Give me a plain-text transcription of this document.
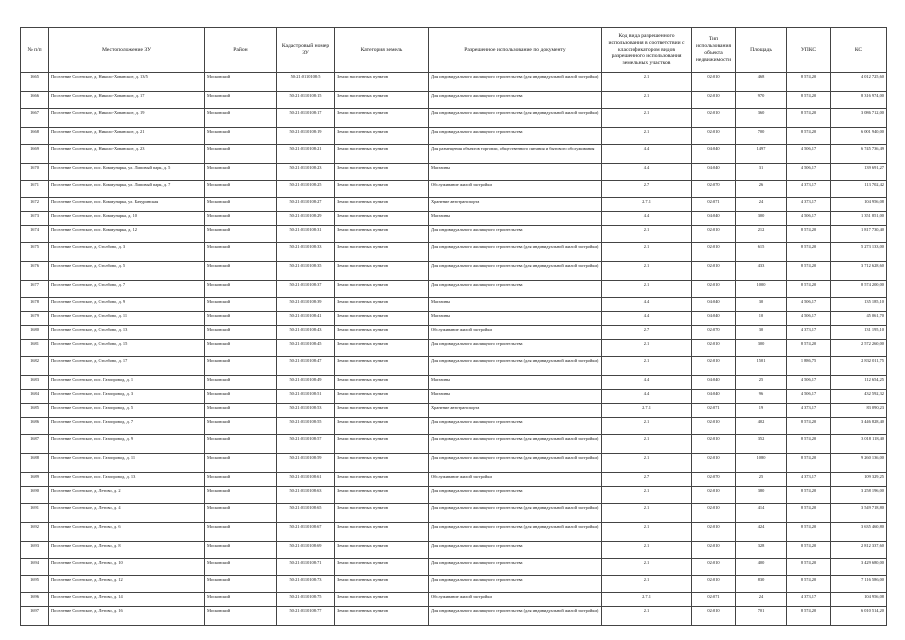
№ п/п	Местоположение ЗУ	Район	Кадастровый номер ЗУ	Категория земель	Разрешенное использование по документу	Код вида разрешенного использования в соответствии с классификатором видов разрешенного использования земельных участков	Тип использования объекта недвижимости	Площадь	УПКС	КС
1665	Поселение Сосенское, д. Николо-Хованское, д. 13/5	Московский	50:21:0110108:5	Земли населенных пунктов	Для индивидуального жилищного строительства (для индивидуальной жилой застройки)	2.1	02:010	468	8 574,20	4 012 725,60
1666	Поселение Сосенское, д. Николо-Хованское, д. 17	Московский	50:21:0110108:15	Земли населенных пунктов	Для индивидуального жилищного строительства	2.1	02:010	970	8 574,20	8 316 974,00
1667	Поселение Сосенское, д. Николо-Хованское, д. 19	Московский	50:21:0110108:17	Земли населенных пунктов	Для индивидуального жилищного строительства (для индивидуальной жилой застройки)	2.1	02:010	360	8 574,20	3 086 712,00
1668	Поселение Сосенское, д. Николо-Хованское, д. 21	Московский	50:21:0110108:19	Земли населенных пунктов	Для индивидуального жилищного строительства	2.1	02:010	700	8 574,20	6 001 940,00
1669	Поселение Сосенское, д. Николо-Хованское, д. 23	Московский	50:21:0110108:21	Земли населенных пунктов	Для размещения объектов торговли, общественного питания и бытового обслуживания	4.4	04:040	1497	4 506,17	6 745 736,49
1670	Поселение Сосенское, пос. Коммунарка, ул. Липовый парк, д. 5	Московский	50:21:0110108:23	Земли населенных пунктов	Магазины	4.4	04:040	31	4 506,17	139 691,27
1671	Поселение Сосенское, пос. Коммунарка, ул. Липовый парк, д. 7	Московский	50:21:0110108:25	Земли населенных пунктов	Обслуживание жилой застройки	2.7	02:070	26	4 373,17	113 702,42
1672	Поселение Сосенское, пос. Коммунарка, ул. Бачуринская	Московский	50:21:0110108:27	Земли населенных пунктов	Хранение автотранспорта	2.7.1	02:071	24	4 373,17	104 956,08
1673	Поселение Сосенское, пос. Коммунарка, д. 10	Московский	50:21:0110108:29	Земли населенных пунктов	Магазины	4.4	04:040	300	4 506,17	1 351 851,00
1674	Поселение Сосенское, пос. Коммунарка, д. 12	Московский	50:21:0110108:31	Земли населенных пунктов	Для индивидуального жилищного строительства	2.1	02:010	212	8 574,20	1 817 730,40
1675	Поселение Сосенское, д. Столбово, д. 3	Московский	50:21:0110108:33	Земли населенных пунктов	Для индивидуального жилищного строительства (для индивидуальной жилой застройки)	2.1	02:010	615	8 574,20	5 273 133,00
1676	Поселение Сосенское, д. Столбово, д. 5	Московский	50:21:0110108:35	Земли населенных пунктов	Для индивидуального жилищного строительства (для индивидуальной жилой застройки)	2.1	02:010	433	8 574,20	3 712 628,60
1677	Поселение Сосенское, д. Столбово, д. 7	Московский	50:21:0110108:37	Земли населенных пунктов	Для индивидуального жилищного строительства	2.1	02:010	1000	8 574,20	8 574 200,00
1678	Поселение Сосенское, д. Столбово, д. 9	Московский	50:21:0110108:39	Земли населенных пунктов	Магазины	4.4	04:040	30	4 506,17	135 185,10
1679	Поселение Сосенское, д. Столбово, д. 11	Московский	50:21:0110108:41	Земли населенных пунктов	Магазины	4.4	04:040	10	4 506,17	45 061,70
1680	Поселение Сосенское, д. Столбово, д. 13	Московский	50:21:0110108:43	Земли населенных пунктов	Обслуживание жилой застройки	2.7	02:070	30	4 373,17	131 195,10
1681	Поселение Сосенское, д. Столбово, д. 15	Московский	50:21:0110108:45	Земли населенных пунктов	Для индивидуального жилищного строительства	2.1	02:010	300	8 574,20	2 572 260,00
1682	Поселение Сосенское, д. Столбово, д. 17	Московский	50:21:0110108:47	Земли населенных пунктов	Для индивидуального жилищного строительства (для индивидуальной жилой застройки)	2.1	02:010	1501	1 886,75	2 832 011,75
1683	Поселение Сосенское, пос. Газопровод, д. 1	Московский	50:21:0110108:49	Земли населенных пунктов	Магазины	4.4	04:040	25	4 506,17	112 654,25
1684	Поселение Сосенское, пос. Газопровод, д. 3	Московский	50:21:0110108:51	Земли населенных пунктов	Магазины	4.4	04:040	96	4 506,17	432 592,32
1685	Поселение Сосенское, пос. Газопровод, д. 5	Московский	50:21:0110108:53	Земли населенных пунктов	Хранение автотранспорта	2.7.1	02:071	19	4 373,17	83 090,23
1686	Поселение Сосенское, пос. Газопровод, д. 7	Московский	50:21:0110108:55	Земли населенных пунктов	Для индивидуального жилищного строительства	2.1	02:010	402	8 574,20	3 446 828,40
1687	Поселение Сосенское, пос. Газопровод, д. 9	Московский	50:21:0110108:57	Земли населенных пунктов	Для индивидуального жилищного строительства (для индивидуальной жилой застройки)	2.1	02:010	352	8 574,20	3 018 118,40
1688	Поселение Сосенское, пос. Газопровод, д. 11	Московский	50:21:0110108:59	Земли населенных пунктов	Для индивидуального жилищного строительства (для индивидуальной жилой застройки)	2.1	02:010	1080	8 574,20	9 260 136,00
1689	Поселение Сосенское, пос. Газопровод, д. 13	Московский	50:21:0110108:61	Земли населенных пунктов	Обслуживание жилой застройки	2.7	02:070	25	4 373,17	109 329,25
1690	Поселение Сосенское, д. Летово, д. 2	Московский	50:21:0110108:63	Земли населенных пунктов	Для индивидуального жилищного строительства	2.1	02:010	380	8 574,20	3 258 196,00
1691	Поселение Сосенское, д. Летово, д. 4	Московский	50:21:0110108:65	Земли населенных пунктов	Для индивидуального жилищного строительства (для индивидуальной жилой застройки)	2.1	02:010	414	8 574,20	3 549 718,80
1692	Поселение Сосенское, д. Летово, д. 6	Московский	50:21:0110108:67	Земли населенных пунктов	Для индивидуального жилищного строительства (для индивидуальной жилой застройки)	2.1	02:010	424	8 574,20	3 635 460,80
1693	Поселение Сосенское, д. Летово, д. 8	Московский	50:21:0110108:69	Земли населенных пунктов	Для индивидуального жилищного строительства	2.1	02:010	328	8 574,20	2 812 337,60
1694	Поселение Сосенское, д. Летово, д. 10	Московский	50:21:0110108:71	Земли населенных пунктов	Для индивидуального жилищного строительства	2.1	02:010	400	8 574,20	3 429 680,00
1695	Поселение Сосенское, д. Летово, д. 12	Московский	50:21:0110108:73	Земли населенных пунктов	Для индивидуального жилищного строительства	2.1	02:010	830	8 574,20	7 116 586,00
1696	Поселение Сосенское, д. Летово, д. 14	Московский	50:21:0110108:75	Земли населенных пунктов	Обслуживание жилой застройки	2.7.1	02:071	24	4 373,17	104 956,08
1697	Поселение Сосенское, д. Летово, д. 16	Московский	50:21:0110108:77	Земли населенных пунктов	Для индивидуального жилищного строительства (для индивидуальной жилой застройки)	2.1	02:010	701	8 574,20	6 010 514,20
